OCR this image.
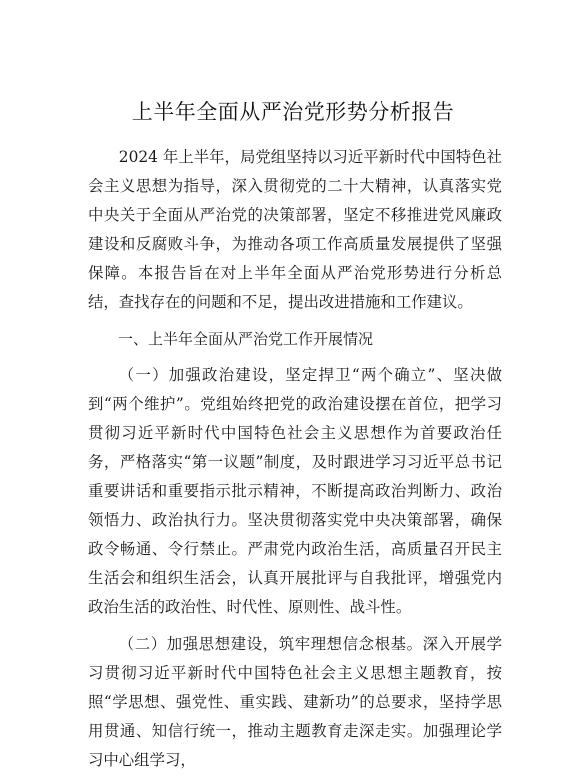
上半年全面从严治党形势分析报告

2024 年上半年，局党组坚持以习近平新时代中国特色社会主义思想为指导，深入贯彻党的二十大精神，认真落实党中央关于全面从严治党的决策部署，坚定不移推进党风廉政建设和反腐败斗争，为推动各项工作高质量发展提供了坚强保障。本报告旨在对上半年全面从严治党形势进行分析总结，查找存在的问题和不足，提出改进措施和工作建议。

一、上半年全面从严治党工作开展情况

（一）加强政治建设，坚定捍卫“两个确立”、坚决做到“两个维护”。党组始终把党的政治建设摆在首位，把学习贯彻习近平新时代中国特色社会主义思想作为首要政治任务，严格落实“第一议题”制度，及时跟进学习习近平总书记重要讲话和重要指示批示精神，不断提高政治判断力、政治领悟力、政治执行力。坚决贯彻落实党中央决策部署，确保政令畅通、令行禁止。严肃党内政治生活，高质量召开民主生活会和组织生活会，认真开展批评与自我批评，增强党内政治生活的政治性、时代性、原则性、战斗性。

（二）加强思想建设，筑牢理想信念根基。深入开展学习贯彻习近平新时代中国特色社会主义思想主题教育，按照“学思想、强党性、重实践、建新功”的总要求，坚持学思用贯通、知信行统一，推动主题教育走深走实。加强理论学习中心组学习，
